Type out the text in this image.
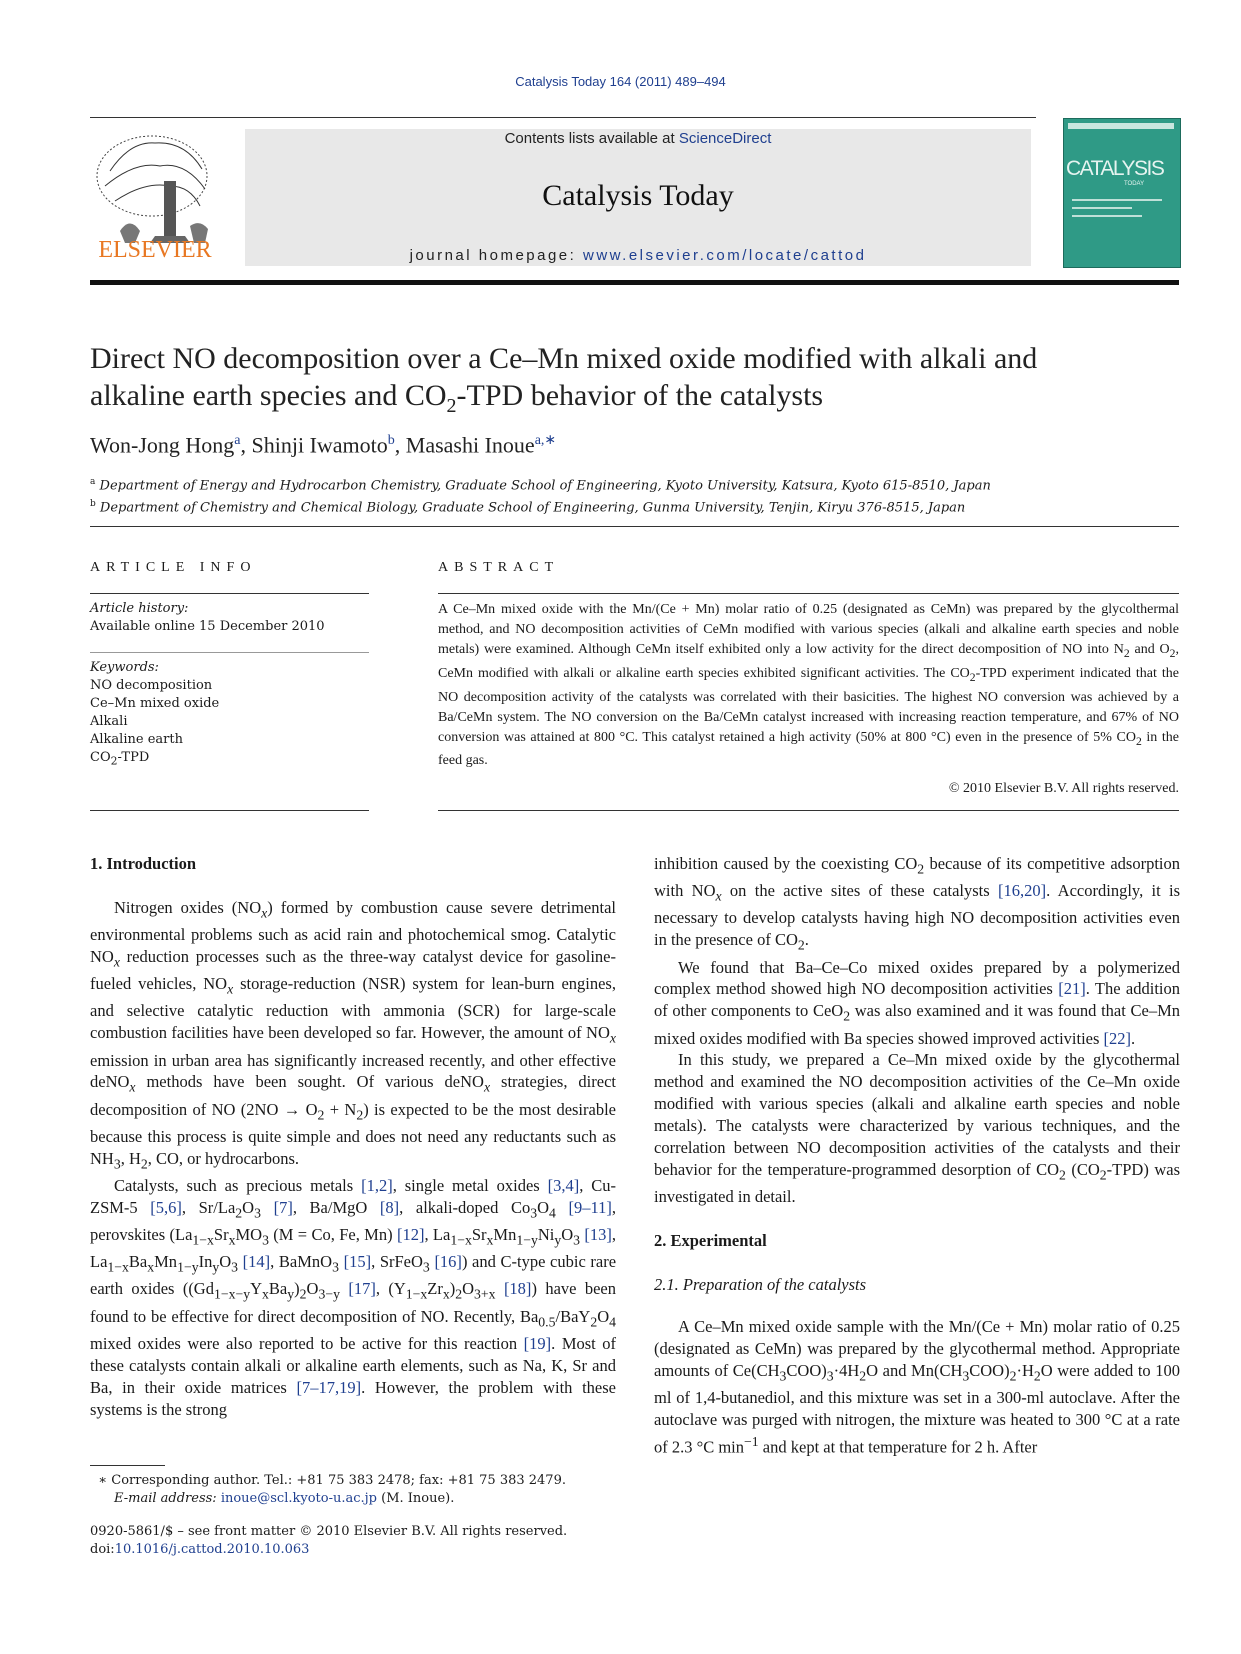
Catalysis Today 164 (2011) 489–494
ELSEVIER
Contents lists available at ScienceDirect
Catalysis Today
journal homepage: www.elsevier.com/locate/cattod
CATALYSIS
TODAY
Direct NO decomposition over a Ce–Mn mixed oxide modified with alkali and
alkaline earth species and $CO_2$-TPD behavior of the catalysts
Won-Jong Hong$^a$, Shinji Iwamoto$^b$, Masashi Inoue$^{a,∗}$
$^a$ Department of Energy and Hydrocarbon Chemistry, Graduate School of Engineering, Kyoto University, Katsura, Kyoto 615-8510, Japan
$^b$ Department of Chemistry and Chemical Biology, Graduate School of Engineering, Gunma University, Tenjin, Kiryu 376-8515, Japan
ARTICLE INFO	ABSTRACT
Article history:
Available online 15 December 2010
Keywords:
NO decomposition
Ce–Mn mixed oxide
Alkali
Alkaline earth
$CO_2$-TPD
A Ce–Mn mixed oxide with the Mn/(Ce + Mn) molar ratio of 0.25 (designated as CeMn) was prepared by the glycolthermal method, and NO decomposition activities of CeMn modified with various species (alkali and alkaline earth species and noble metals) were examined. Although CeMn itself exhibited only a low activity for the direct decomposition of NO into $N_2$ and $O_2$, CeMn modified with alkali or alkaline earth species exhibited significant activities. The $CO_2$-TPD experiment indicated that the NO decomposition activity of the catalysts was correlated with their basicities. The highest NO conversion was achieved by a Ba/CeMn system. The NO conversion on the Ba/CeMn catalyst increased with increasing reaction temperature, and 67% of NO conversion was attained at 800 °C. This catalyst retained a high activity (50% at 800 °C) even in the presence of 5% $CO_2$ in the feed gas.
© 2010 Elsevier B.V. All rights reserved.
1. Introduction

Nitrogen oxides $(NO_x)$ formed by combustion cause severe detrimental environmental problems such as acid rain and photochemical smog. Catalytic $NO_x$ reduction processes such as the three-way catalyst device for gasoline-fueled vehicles, $NO_x$ storage-reduction (NSR) system for lean-burn engines, and selective catalytic reduction with ammonia (SCR) for large-scale combustion facilities have been developed so far. However, the amount of $NO_x$ emission in urban area has significantly increased recently, and other effective deNO$_x$ methods have been sought. Of various deNO$_x$ strategies, direct decomposition of NO $(2NO \to O_2 + N_2)$ is expected to be the most desirable because this process is quite simple and does not need any reductants such as $NH_3$, $H_2$, CO, or hydrocarbons.

Catalysts, such as precious metals [1,2], single metal oxides [3,4], Cu-ZSM-5 [5,6], $Sr/La_2O_3$ [7], Ba/MgO [8], alkali-doped $Co_3O_4$ [9–11], perovskites ($La_{1-x}Sr_xMO_3$ (M = Co, Fe, Mn) [12], $La_{1-x}Sr_xMn_{1-y}Ni_yO_3$ [13], $La_{1-x}Ba_xMn_{1-y}In_yO_3$ [14], BaMnO$_3$ [15], SrFeO$_3$ [16]) and C-type cubic rare earth oxides ($(Gd_{1-x-y}Y_xBa_y)_2O_{3-y}$ [17], $(Y_{1-x}Zr_x)_2O_{3+x}$ [18]) have been found to be effective for direct decomposition of NO. Recently, $Ba_{0.5}/BaY_2O_4$ mixed oxides were also reported to be active for this reaction [19]. Most of these catalysts contain alkali or alkaline earth elements, such as Na, K, Sr and Ba, in their oxide matrices [7–17,19]. However, the problem with these systems is the strong

inhibition caused by the coexisting $CO_2$ because of its competitive adsorption with $NO_x$ on the active sites of these catalysts [16,20]. Accordingly, it is necessary to develop catalysts having high NO decomposition activities even in the presence of $CO_2$.

We found that Ba–Ce–Co mixed oxides prepared by a polymerized complex method showed high NO decomposition activities [21]. The addition of other components to CeO$_2$ was also examined and it was found that Ce–Mn mixed oxides modified with Ba species showed improved activities [22].

In this study, we prepared a Ce–Mn mixed oxide by the glycothermal method and examined the NO decomposition activities of the Ce–Mn oxide modified with various species (alkali and alkaline earth species and noble metals). The catalysts were characterized by various techniques, and the correlation between NO decomposition activities of the catalysts and their behavior for the temperature-programmed desorption of $CO_2$ $(CO_2-TPD)$ was investigated in detail.

2. Experimental
2.1. Preparation of the catalysts

A Ce–Mn mixed oxide sample with the Mn/(Ce + Mn) molar ratio of 0.25 (designated as CeMn) was prepared by the glycothermal method. Appropriate amounts of $Ce(CH_3COO)_3\cdot 4H_2O$ and $Mn(CH_3COO)_2\cdot H_2O$ were added to 100 ml of 1,4-butanediol, and this mixture was set in a 300-ml autoclave. After the autoclave was purged with nitrogen, the mixture was heated to 300 °C at a rate of 2.3 °C $\min^{-1}$ and kept at that temperature for 2 h. After

∗ Corresponding author. Tel.: +81 75 383 2478; fax: +81 75 383 2479.
E-mail address: inoue@scl.kyoto-u.ac.jp (M. Inoue).
0920-5861/$ – see front matter © 2010 Elsevier B.V. All rights reserved.
doi:10.1016/j.cattod.2010.10.063
